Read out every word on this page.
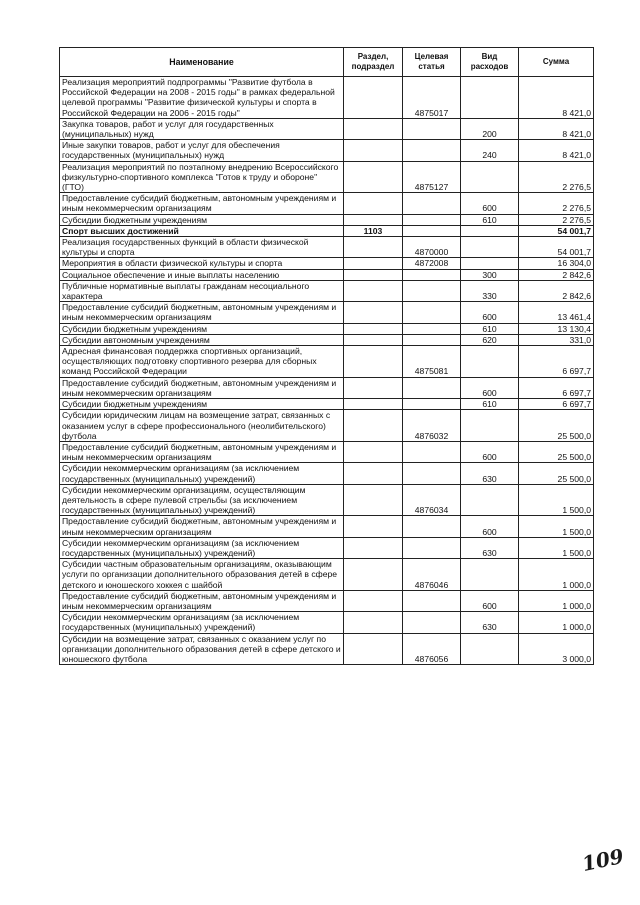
Наименование	Раздел, подраздел	Целевая статья	Вид расходов	Сумма
Реализация мероприятий подпрограммы "Развитие футбола в Российской Федерации на 2008 - 2015 годы" в рамках федеральной целевой программы "Развитие физической культуры и спорта в Российской Федерации на 2006 - 2015 годы"		4875017		8 421,0
Закупка товаров, работ и услуг для государственных (муниципальных) нужд			200	8 421,0
Иные закупки товаров, работ и услуг для обеспечения государственных (муниципальных) нужд			240	8 421,0
Реализация мероприятий по поэтапному внедрению Всероссийского физкультурно-спортивного комплекса "Готов к труду и обороне" (ГТО)		4875127		2 276,5
Предоставление субсидий бюджетным, автономным учреждениям и иным некоммерческим организациям			600	2 276,5
Субсидии бюджетным учреждениям			610	2 276,5
Спорт высших достижений	1103			54 001,7
Реализация государственных функций в области физической культуры и спорта		4870000		54 001,7
Мероприятия в области физической культуры и спорта		4872008		16 304,0
Социальное обеспечение и иные выплаты населению			300	2 842,6
Публичные нормативные выплаты гражданам несоциального характера			330	2 842,6
Предоставление субсидий бюджетным, автономным учреждениям и иным некоммерческим организациям			600	13 461,4
Субсидии бюджетным учреждениям			610	13 130,4
Субсидии автономным учреждениям			620	331,0
Адресная финансовая поддержка спортивных организаций, осуществляющих подготовку спортивного резерва для сборных команд Российской Федерации		4875081		6 697,7
Предоставление субсидий бюджетным, автономным учреждениям и иным некоммерческим организациям			600	6 697,7
Субсидии бюджетным учреждениям			610	6 697,7
Субсидии юридическим лицам на возмещение затрат, связанных с оказанием услуг в сфере профессионального (неолибительского) футбола		4876032		25 500,0
Предоставление субсидий бюджетным, автономным учреждениям и иным некоммерческим организациям			600	25 500,0
Субсидии некоммерческим организациям (за исключением государственных (муниципальных) учреждений)			630	25 500,0
Субсидии некоммерческим организациям, осуществляющим деятельность в сфере пулевой стрельбы (за исключением государственных (муниципальных) учреждений)		4876034		1 500,0
Предоставление субсидий бюджетным, автономным учреждениям и иным некоммерческим организациям			600	1 500,0
Субсидии некоммерческим организациям (за исключением государственных (муниципальных) учреждений)			630	1 500,0
Субсидии частным образовательным организациям, оказывающим услуги по организации дополнительного образования детей в сфере детского и юношеского хоккея с шайбой		4876046		1 000,0
Предоставление субсидий бюджетным, автономным учреждениям и иным некоммерческим организациям			600	1 000,0
Субсидии некоммерческим организациям (за исключением государственных (муниципальных) учреждений)			630	1 000,0
Субсидии на возмещение затрат, связанных с оказанием услуг по организации дополнительного образования детей в сфере детского и юношеского футбола		4876056		3 000,0
109
